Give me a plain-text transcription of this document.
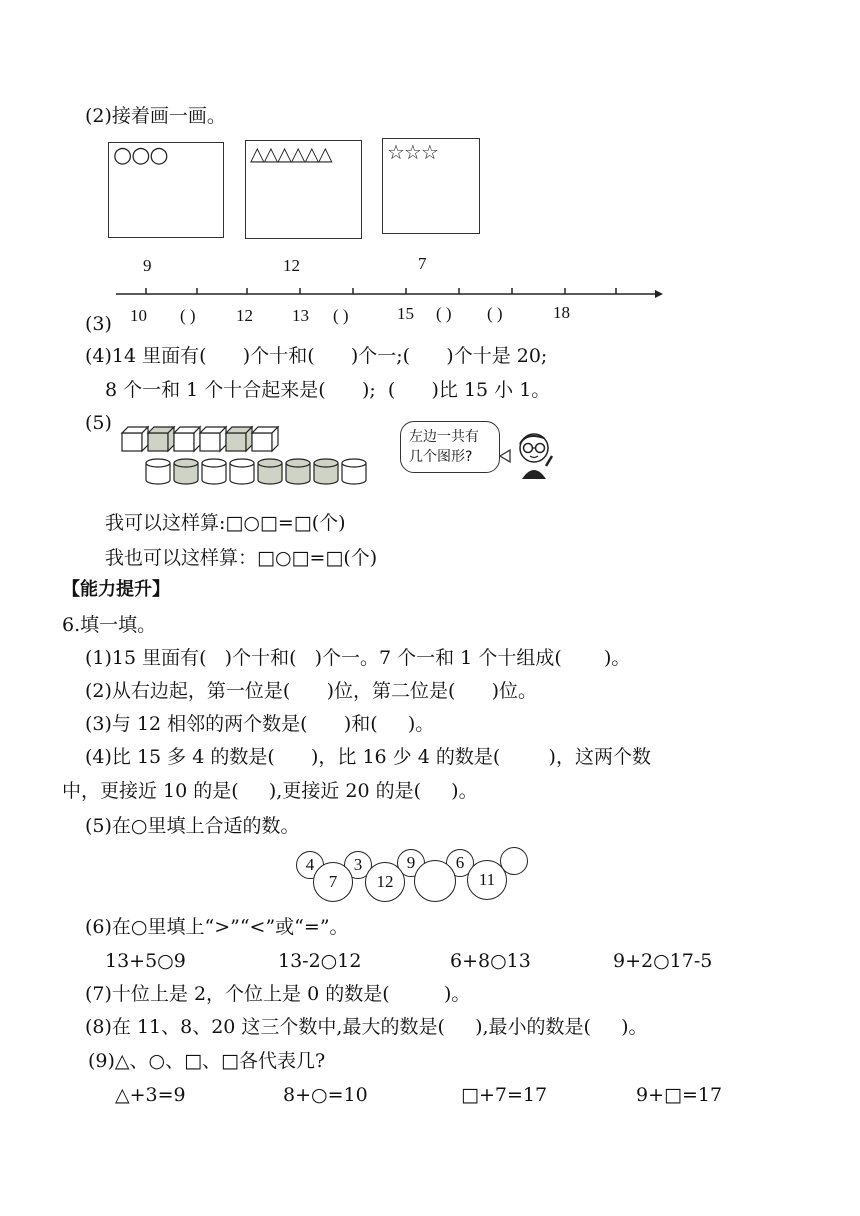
(2)接着画一画。
○○○	△△△△△△	☆☆☆
9	12	7
(3) 10 ( ) 12 13 ( )	15 ( ) ( )	18
(4)14 里面有(      )个十和(      )个一;(      )个十是 20;
8 个一和 1 个十合起来是(      );  (      )比 15 小 1。
(5)
左边一共有
几个图形?
我可以这样算:□○□=□(个)
我也可以这样算：□○□=□(个)
【能力提升】
6.填一填。
(1)15 里面有(   )个十和(   )个一。7 个一和 1 个十组成(       )。
(2)从右边起，第一位是(      )位，第二位是(      )位。
(3)与 12 相邻的两个数是(      )和(     )。
(4)比 15 多 4 的数是(      )，比 16 少 4 的数是(        )，这两个数
中，更接近 10 的是(     ),更接近 20 的是(     )。
(5)在○里填上合适的数。
4	3	9	6
7	12	11
(6)在○里填上“>”“<”或“=”。
13+5○9	13-2○12	6+8○13	9+2○17-5
(7)十位上是 2，个位上是 0 的数是(         )。
(8)在 11、8、20 这三个数中,最大的数是(     ),最小的数是(     )。
(9)△、○、□、□各代表几?
△+3=9	8+○=10	□+7=17	9+□=17
